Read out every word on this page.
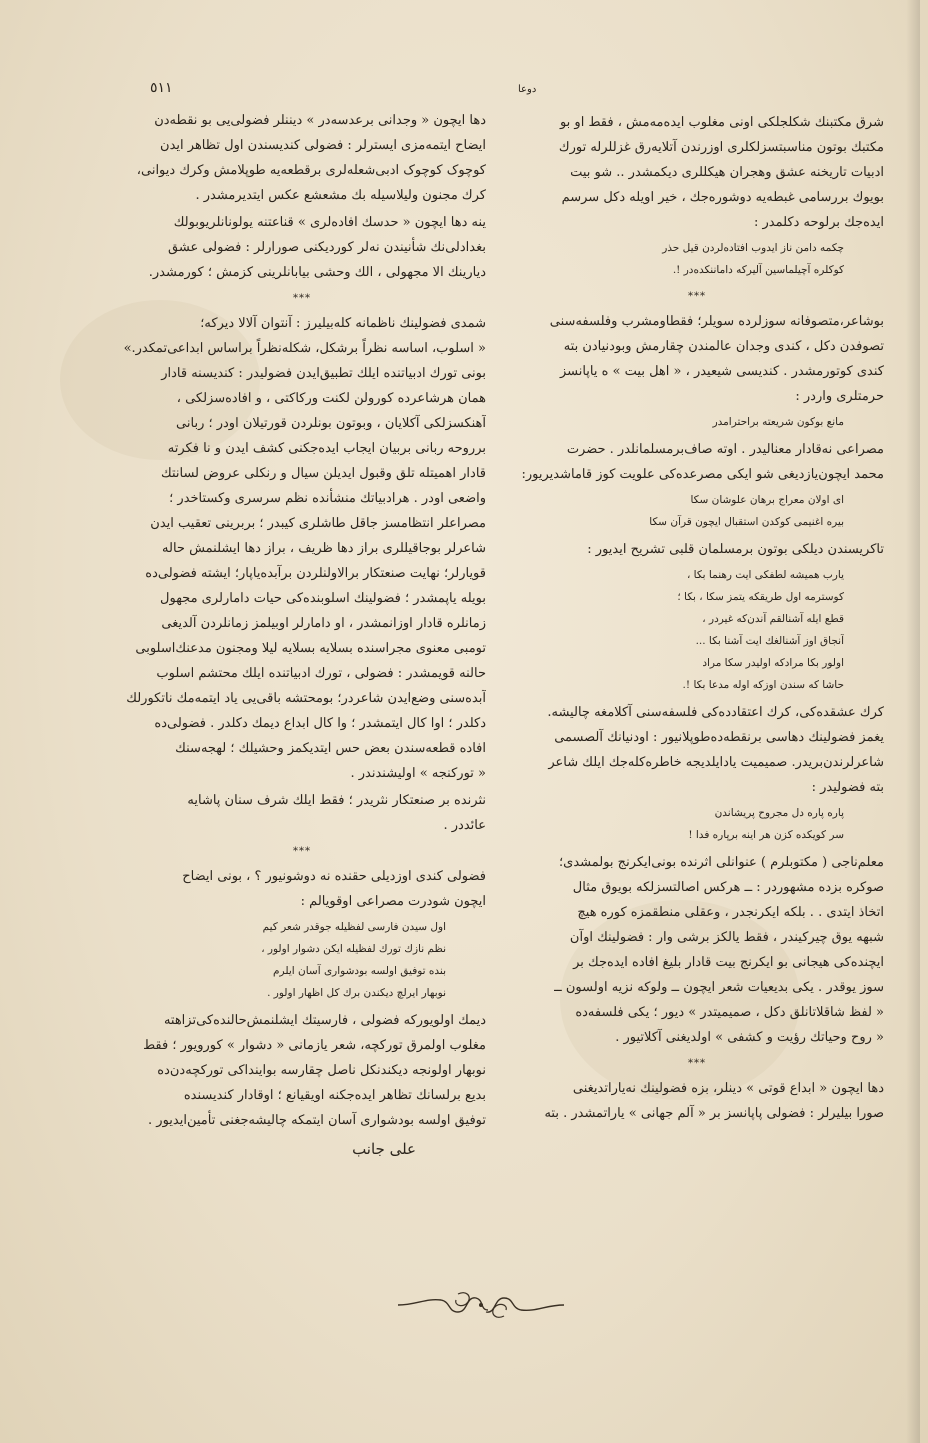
٥١١	دوعا
دها ایچون « وجدانی برعدسه‌در » دیننلر فضولی‌یی بو نقطه‌دن
ایضاح ایتمه‌مزی ایسترلر : فضولی کندیسندن اول تظاهر ایدن
کوچوک کوچوک ادبی‌شعله‌لری برقطعه‌یه طوپلامش وکرك دیوانی،
کرك مجنون ولیلاسیله بك مشعشع عکس ایتدیرمشدر .
ینه دها ایچون « حدسك افاده‌لری » قناعتنه یولونانلریوبولك
بغدادلی‌نك شأنیندن نه‌لر کوردیکنی صورارلر : فضولی عشق
دیارینك الا مجهولی ، الك وحشی بیابانلرینی کزمش ؛ کورمشدر.
***
شمدی فضولینك ناظمانه کله‌بیلیرز : آنتوان آلالا دیرکه؛
« اسلوب، اساسه نظراً برشکل، شکله‌نظراً براساس ابداعی‌تمکدر.»
بونی تورك ادبیاتنده ایلك تطبیق‌ایدن فضولیدر : کندیسنه قادار
همان هرشاعرده کورولن لکنت ورکاکتی ، و افاده‌سزلکی ،
آهنکسزلکی آکلایان ، وبوتون بونلردن قورتیلان اودر ؛ ربانی
برروحه ربانی بربیان ایجاب ایده‌جکنی کشف ایدن و نا فکرته
قادار اهمیتله تلق وقبول ایدیلن سیال و رنکلی عروض لسانتك
واضعی اودر . هرادبیاتك منشأنده نظم سرسری وکستاخدر ؛
مصراعلر انتظامسز جاقل طاشلری کیبدر ؛ بربرینی تعقیب ایدن
شاعرلر بوجاقیللری براز دها ظریف ، براز دها ایشلنمش حاله
قویارلر؛ نهایت صنعتکار برالاولنلردن برآبده‌یاپار؛ ایشته فضولی‌ده
بویله یاپمشدر ؛ فضولینك اسلوبنده‌کی حیات دامارلری مجهول
زمانلره قادار اوزانمشدر ، او دامارلر اوبیلمز زمانلردن آلدیغی
تومبی معنوی مجراسنده بسلایه بسلایه لیلا ومجنون مدعنك‌اسلوبی
حالنه قویمشدر : فضولی ، تورك ادبیاتنده ایلك محتشم اسلوب
آبده‌سنی وضع‌ایدن شاعردر؛ بومحتشه باقی‌یی یاد ایتمه‌مك ناتکورلك
دکلدر ؛ اوا کال ایتمشدر ؛ وا کال ابداع دیمك دکلدر . فضولی‌ده
افاده قطعه‌سندن بعض حس ایتدیکمز وحشیلك ؛ لهجه‌سنك
« تورکنجه » اولیشندندر .
نثرنده بر صنعتکار نثریدر ؛ فقط ایلك شرف سنان پاشایه
عائددر .
***
فضولی کندی اوزدیلی حقنده نه دوشونیور ؟ ، بونی ایضاح
ایچون شودرت مصراعی اوقویالم :
اول سیدن فارسی لفظیله جوقدر شعر کیم
نظم نازك تورك لفظیله ایکن دشوار اولور ،
بنده توفیق اولسه بودشواری آسان ایلرم
نوبهار ایرلچ دیکندن برك كل اظهار اولور .
دیمك اولویورکه فضولی ، فارسیتك ایشلنمش‌حالنده‌کی‌تزاهته
مغلوب اولمرق تورکچه، شعر یازمانی « دشوار » کورویور ؛ فقط
نوبهار اولونجه دیکندنکل ناصل چقارسه بواینداکی تورکچه‌دن‌ده
بدیع برلسانك تظاهر ایده‌جکنه اویقیانع ؛ اوقادار کندیسنده
توفیق اولسه بودشواری آسان ایتمکه چالیشه‌جغنی تأمین‌ایدیور .
علی جانب
شرق مکتبنك شکلجلکی اونی مغلوب ایده‌مه‌مش ، فقط او بو
مکتبك بوتون مناسبتسزلکلری اوزرندن آتلایه‌رق غزللرله تورك
ادبیات تاریخنه عشق وهجران هیکللری دیکمشدر .. شو بیت
بویوك بررسامی غبطه‌یه دوشوره‌جك ، خیر اویله دکل سرسم
ایده‌جك برلوحه دکلمدر :
چکمه دامن ناز ایدوب افتاده‌لردن قیل حذر
کوکلره آچیلماسین آلیرکه داماننکده‌در !.
***
بوشاعر،متصوفانه سوزلرده سویلر؛ فقطاومشرب وفلسفه‌سنی
تصوفدن دکل ، کندی وجدان عالمندن چقارمش وبودنیادن بته
کندی کوتورمشدر . کندیسی شیعیدر ، « اهل بیت » ه یاپانسز
حرمتلری واردر :
مانع بوکون شریعته براحترامدر
مصراعی نه‌قادار معنالیدر . اوته صاف‌برمسلمانلدر . حضرت
محمد ایچون‌یازدیغی شو ایکی مصرعده‌کی علویت کوز قاماشدیریور:
ای اولان معراج برهان علوشان سکا
بیره اغنیمی کوکدن استقبال ایچون قرآن سکا
تاکریسندن دیلکی بوتون برمسلمان قلبی تشریح ایدیور :
یارب همیشه لطفکی ایت رهنما بکا ،
کوسترمه اول طریقکه یتمز سکا ، بکا ؛
قطع ایله آشنالقم آندن‌که غیردر ،
آنجاق اوز آشنالغك ایت آشنا بکا ...
اولور بکا مرادکه اولیدر سکا مراد
حاشا که سندن اوزکه اوله مدعا بکا !.
کرك عشقده‌کی، کرك اعتقادده‌کی فلسفه‌سنی آکلامغه چالیشه.
یغمز فضولینك دهاسی برنقطه‌ده‌طوپلانیور : اودنیانك آلصسمی
شاعرلرندن‌بریدر. صمیمیت یادایلدیجه خاطره‌کله‌جك ایلك شاعر
بته فضولیدر :
پاره پاره دل مجروح پریشاندن
سر کویکده کزن هر اینه برپاره فدا !
معلم‌ناجی ( مکتوبلرم ) عنوانلی اثرنده بونی‌ایکرنج بولمشدی؛
صوکره بزده مشهوردر : ــ هرکس اصالتسزلکه بویوق مثال
اتخاذ ایتدی . . بلکه ایکرنجدر ، وعقلی منطقمزه کوره هیچ
شبهه یوق چیرکیندر ، فقط یالکز برشی وار : فضولینك اوآن
ایچنده‌کی هیجانی بو ایکرنج بیت قادار بلیغ افاده ایده‌جك بر
سوز یوقدر . یکی بدیعیات شعر ایچون ــ ولوکه نزیه اولسون ــ
« لفظ شاقلاتانلق دکل ، صمیمیتدر » دیور ؛ یکی فلسفه‌ده
« روح وحیاتك رؤیت و کشفی » اولدیغنی آکلاتیور .
***
دها ایچون « ابداع قوتی » دینلر، بزه فضولینك نه‌یاراتدیغنی
صورا بیلیرلر : فضولی پاپانسز بر « آلم جهانی » یاراتمشدر . بته
